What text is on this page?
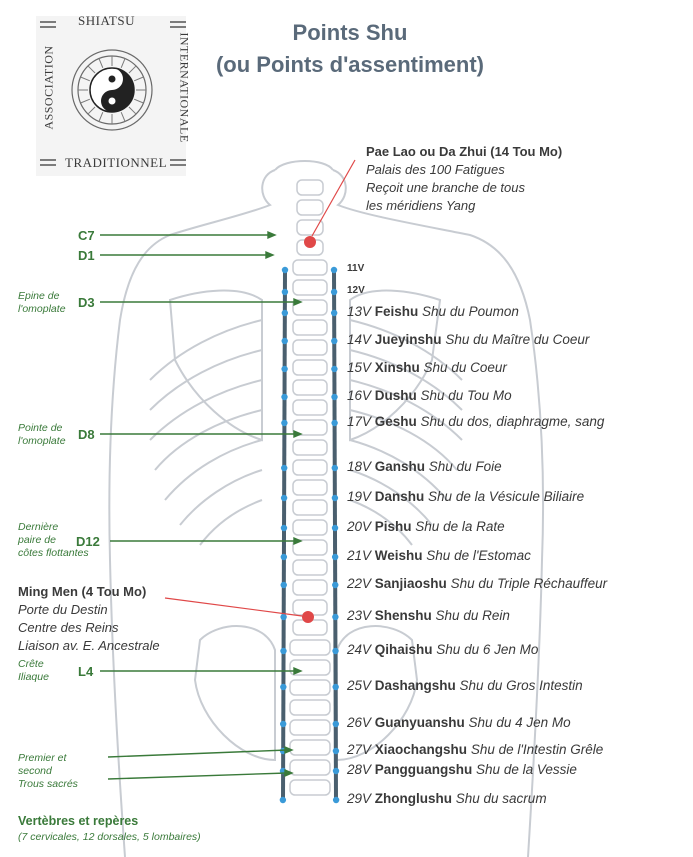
SHIATSU
TRADITIONNEL
ASSOCIATION	INTERNATIONALE	Points Shu
(ou Points d'assentiment)
Pae Lao ou Da Zhui (14 Tou Mo)
Palais des 100 Fatigues
Reçoit une branche de tous
les méridiens Yang
Ming Men (4 Tou Mo)
Porte du Destin
Centre des Reins
Liaison av. E. Ancestrale
C7
D1
D3
D8
D12
L4
Epine de
l'omoplate
Pointe de
l'omoplate
Dernière
paire de
côtes flottantes
Crête
Iliaque
Premier et
second
Trous sacrés
11V
12V
13V Feishu Shu du Poumon
14V Jueyinshu Shu du Maître du Coeur
15V Xinshu Shu du Coeur
16V Dushu Shu du Tou Mo
17V Geshu Shu du dos, diaphragme, sang
18V Ganshu Shu du Foie
19V Danshu Shu de la Vésicule Biliaire
20V Pishu Shu de la Rate
21V Weishu Shu de l'Estomac
22V Sanjiaoshu Shu du Triple Réchauffeur
23V Shenshu Shu du Rein
24V Qihaishu Shu du 6 Jen Mo
25V Dashangshu Shu du Gros Intestin
26V Guanyuanshu Shu du 4 Jen Mo
27V Xiaochangshu Shu de l'Intestin Grêle
28V Pangguangshu Shu de la Vessie
29V Zhonglushu Shu du sacrum
Vertèbres et repères
(7 cervicales, 12 dorsales, 5 lombaires)
